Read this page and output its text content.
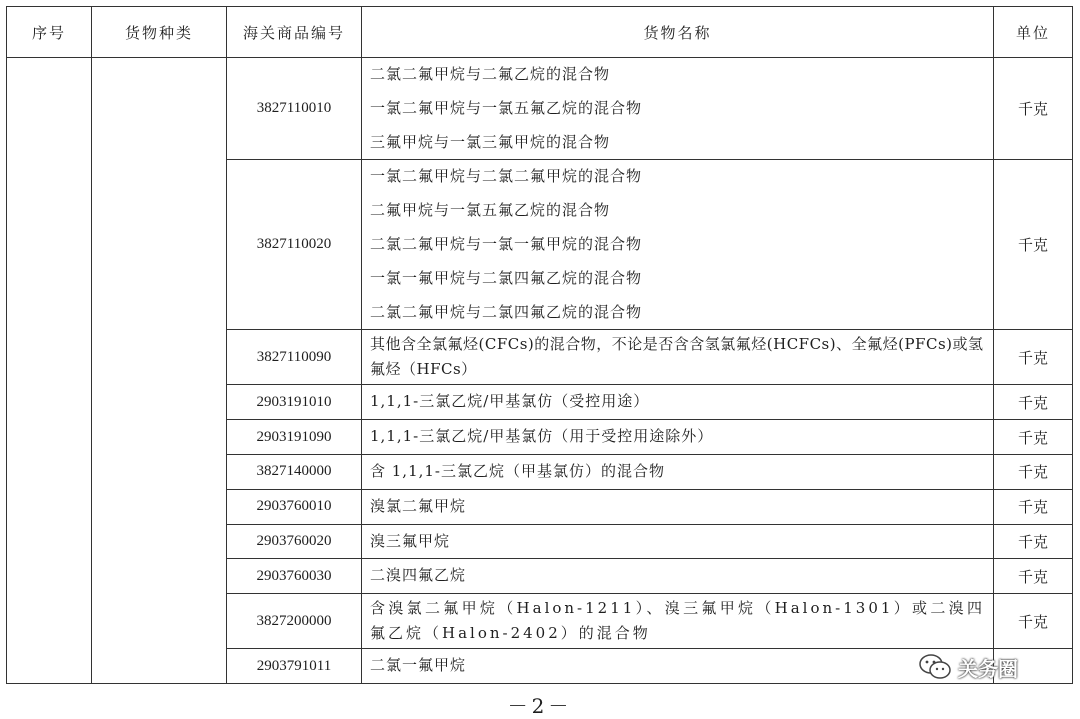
序号	货物种类	海关商品编号	货物名称	单位
		3827110010	二氯二氟甲烷与二氟乙烷的混合物
一氯二氟甲烷与一氯五氟乙烷的混合物
三氟甲烷与一氯三氟甲烷的混合物	千克
		3827110020	一氯二氟甲烷与二氯二氟甲烷的混合物
二氟甲烷与一氯五氟乙烷的混合物
二氯二氟甲烷与一氯一氟甲烷的混合物
一氯一氟甲烷与二氯四氟乙烷的混合物
二氯二氟甲烷与二氯四氟乙烷的混合物	千克
		3827110090	其他含全氯氟烃(CFCs)的混合物，不论是否含含氢氯氟烃(HCFCs)、全氟烃(PFCs)或氢氟烃（HFCs）	千克
		2903191010	1,1,1-三氯乙烷/甲基氯仿（受控用途）	千克
		2903191090	1,1,1-三氯乙烷/甲基氯仿（用于受控用途除外）	千克
		3827140000	含 1,1,1-三氯乙烷（甲基氯仿）的混合物	千克
		2903760010	溴氯二氟甲烷	千克
		2903760020	溴三氟甲烷	千克
		2903760030	二溴四氟乙烷	千克
		3827200000	含溴氯二氟甲烷（Halon-1211）、溴三氟甲烷（Halon-1301）或二溴四氟乙烷（Halon-2402）的混合物	千克
		2903791011	二氯一氟甲烷	
		关务圈
－2－
